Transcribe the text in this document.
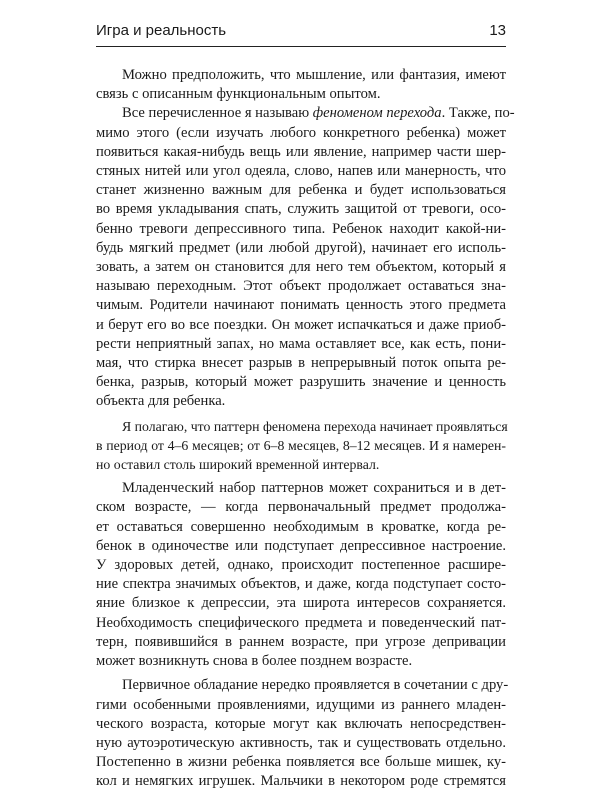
Игра и реальность	13
Можно предположить, что мышление, или фантазия, имеют
связь с описанным функциональным опытом.
Все перечисленное я называю феноменом перехода. Также, по-
мимо этого (если изучать любого конкретного ребенка) может
появиться какая-нибудь вещь или явление, например части шер-
стяных нитей или угол одеяла, слово, напев или манерность, что
станет жизненно важным для ребенка и будет использоваться
во время укладывания спать, служить защитой от тревоги, осо-
бенно тревоги депрессивного типа. Ребенок находит какой-ни-
будь мягкий предмет (или любой другой), начинает его исполь-
зовать, а затем он становится для него тем объектом, который я
называю переходным. Этот объект продолжает оставаться зна-
чимым. Родители начинают понимать ценность этого предмета
и берут его во все поездки. Он может испачкаться и даже приоб-
рести неприятный запах, но мама оставляет все, как есть, пони-
мая, что стирка внесет разрыв в непрерывный поток опыта ре-
бенка, разрыв, который может разрушить значение и ценность
объекта для ребенка.
Я полагаю, что паттерн феномена перехода начинает проявляться
в период от 4–6 месяцев; от 6–8 месяцев, 8–12 месяцев. И я намерен-
но оставил столь широкий временной интервал.
Младенческий набор паттернов может сохраниться и в дет-
ском возрасте, — когда первоначальный предмет продолжа-
ет оставаться совершенно необходимым в кроватке, когда ре-
бенок в одиночестве или подступает депрессивное настроение.
У здоровых детей, однако, происходит постепенное расшире-
ние спектра значимых объектов, и даже, когда подступает состо-
яние близкое к депрессии, эта широта интересов сохраняется.
Необходимость специфического предмета и поведенческий пат-
терн, появившийся в раннем возрасте, при угрозе депривации
может возникнуть снова в более позднем возрасте.
Первичное обладание нередко проявляется в сочетании с дру-
гими особенными проявлениями, идущими из раннего младен-
ческого возраста, которые могут как включать непосредствен-
ную аутоэротическую активность, так и существовать отдельно.
Постепенно в жизни ребенка появляется все больше мишек, ку-
кол и немягких игрушек. Мальчики в некотором роде стремятся
